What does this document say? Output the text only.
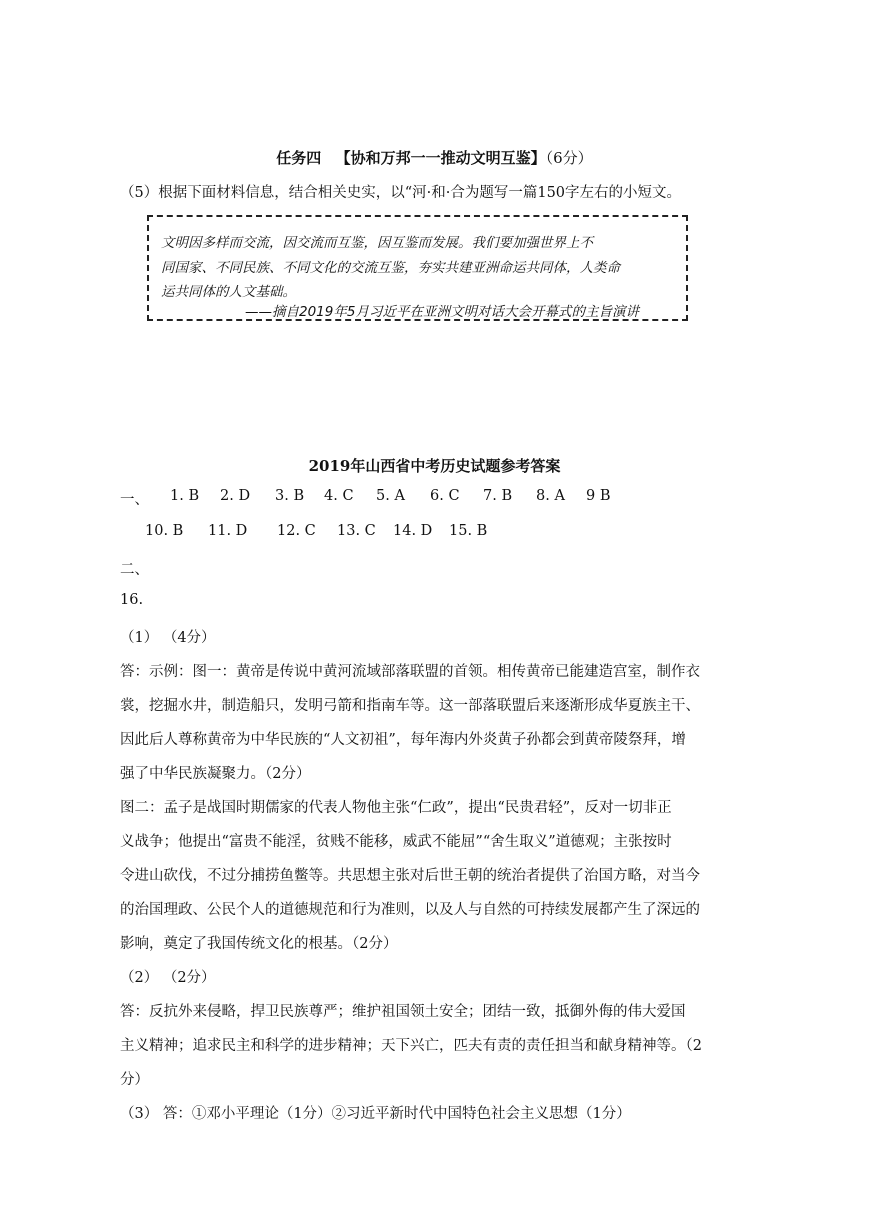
任务四 【协和万邦一一推动文明互鉴】（6分）
（5）根据下面材料信息，结合相关史实，以“河·和·合为题写一篇150字左右的小短文。
文明因多样而交流，因交流而互鉴，因互鉴而发展。我们要加强世界上不
同国家、不同民族、不同文化的交流互鉴，夯实共建亚洲命运共同体，人类命
运共同体的人文基础。
——摘自2019年5月习近平在亚洲文明对话大会开幕式的主旨演讲
2019年山西省中考历史试题参考答案
一、 1. B 2. D 3. B 4. C 5. A 6. C 7. B 8. A 9 B
10. B 11. D 12. C 13. C 14. D 15. B
二、
16.
（1） （4分）
答：示例：图一：黄帝是传说中黄河流域部落联盟的首领。相传黄帝已能建造宫室，制作衣
裳，挖掘水井，制造船只，发明弓箭和指南车等。这一部落联盟后来逐渐形成华夏族主干、
因此后人尊称黄帝为中华民族的“人文初祖”，每年海内外炎黄子孙都会到黄帝陵祭拜，增
强了中华民族凝聚力。（2分）
图二：孟子是战国时期儒家的代表人物他主张“仁政”，提出“民贵君轻”，反对一切非正
义战争；他提出“富贵不能淫，贫贱不能移，威武不能屈”“舍生取义”道德观；主张按时
令进山砍伐，不过分捕捞鱼鳖等。共思想主张对后世王朝的统治者提供了治国方略，对当今
的治国理政、公民个人的道德规范和行为准则，以及人与自然的可持续发展都产生了深远的
影响，奠定了我国传统文化的根基。（2分）
（2） （2分）
答：反抗外来侵略，捍卫民族尊严；维护祖国领土安全；团结一致，抵御外侮的伟大爱国
主义精神；追求民主和科学的进步精神；天下兴亡，匹夫有责的责任担当和献身精神等。（2
分）
（3） 答：①邓小平理论（1分）②习近平新时代中国特色社会主义思想（1分）
